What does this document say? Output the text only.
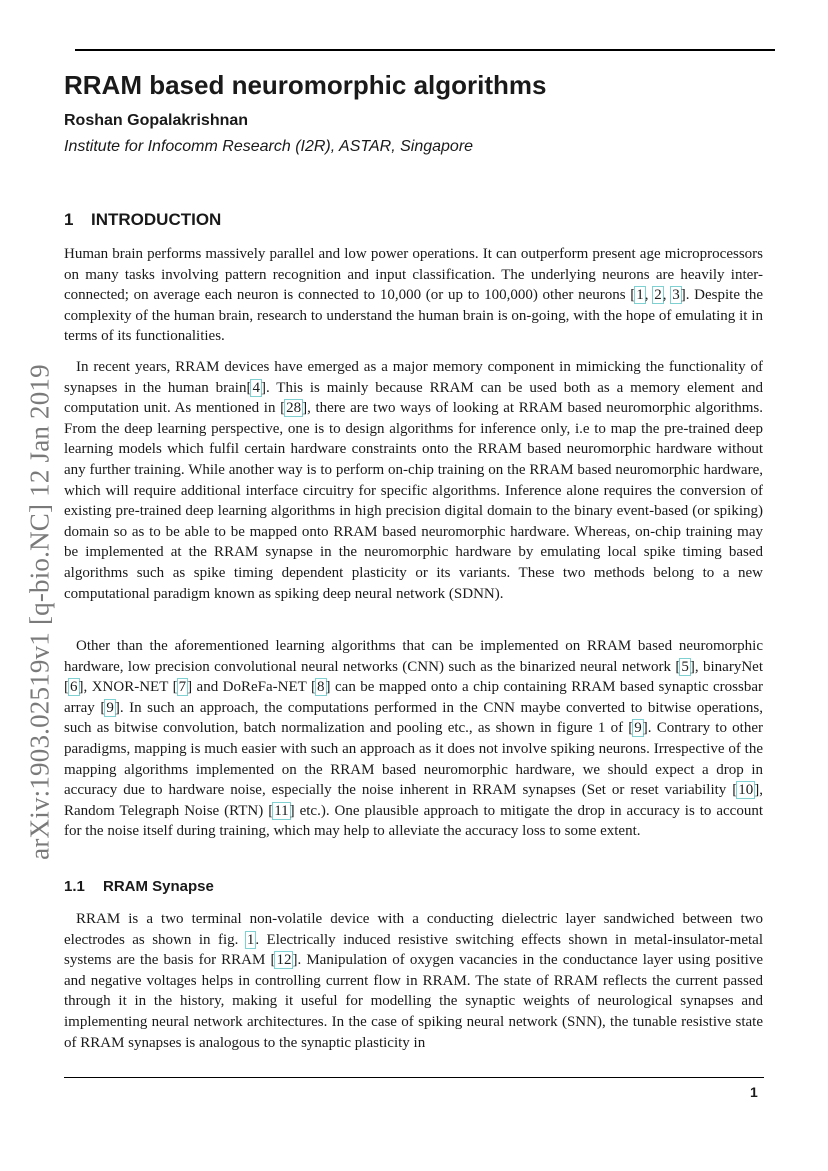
RRAM based neuromorphic algorithms
Roshan Gopalakrishnan
Institute for Infocomm Research (I2R), ASTAR, Singapore
1 INTRODUCTION

Human brain performs massively parallel and low power operations. It can outperform present age microprocessors on many tasks involving pattern recognition and input classification. The underlying neurons are heavily inter-connected; on average each neuron is connected to 10,000 (or up to 100,000) other neurons [1, 2, 3]. Despite the complexity of the human brain, research to understand the human brain is on-going, with the hope of emulating it in terms of its functionalities.

In recent years, RRAM devices have emerged as a major memory component in mimicking the functionality of synapses in the human brain[4]. This is mainly because RRAM can be used both as a memory element and computation unit. As mentioned in [28], there are two ways of looking at RRAM based neuromorphic algorithms. From the deep learning perspective, one is to design algorithms for inference only, i.e to map the pre-trained deep learning models which fulfil certain hardware constraints onto the RRAM based neuromorphic hardware without any further training. While another way is to perform on-chip training on the RRAM based neuromorphic hardware, which will require additional interface circuitry for specific algorithms. Inference alone requires the conversion of existing pre-trained deep learning algorithms in high precision digital domain to the binary event-based (or spiking) domain so as to be able to be mapped onto RRAM based neuromorphic hardware. Whereas, on-chip training may be implemented at the RRAM synapse in the neuromorphic hardware by emulating local spike timing based algorithms such as spike timing dependent plasticity or its variants. These two methods belong to a new computational paradigm known as spiking deep neural network (SDNN).

Other than the aforementioned learning algorithms that can be implemented on RRAM based neuromorphic hardware, low precision convolutional neural networks (CNN) such as the binarized neural network [5], binaryNet [6], XNOR-NET [7] and DoReFa-NET [8] can be mapped onto a chip containing RRAM based synaptic crossbar array [9]. In such an approach, the computations performed in the CNN maybe converted to bitwise operations, such as bitwise convolution, batch normalization and pooling etc., as shown in figure 1 of [9]. Contrary to other paradigms, mapping is much easier with such an approach as it does not involve spiking neurons. Irrespective of the mapping algorithms implemented on the RRAM based neuromorphic hardware, we should expect a drop in accuracy due to hardware noise, especially the noise inherent in RRAM synapses (Set or reset variability [10], Random Telegraph Noise (RTN) [11] etc.). One plausible approach to mitigate the drop in accuracy is to account for the noise itself during training, which may help to alleviate the accuracy loss to some extent.

1.1 RRAM Synapse

RRAM is a two terminal non-volatile device with a conducting dielectric layer sandwiched between two electrodes as shown in fig. 1. Electrically induced resistive switching effects shown in metal-insulator-metal systems are the basis for RRAM [12]. Manipulation of oxygen vacancies in the conductance layer using positive and negative voltages helps in controlling current flow in RRAM. The state of RRAM reflects the current passed through it in the history, making it useful for modelling the synaptic weights of neurological synapses and implementing neural network architectures. In the case of spiking neural network (SNN), the tunable resistive state of RRAM synapses is analogous to the synaptic plasticity in

1
arXiv:1903.02519v1 [q-bio.NC] 12 Jan 2019
